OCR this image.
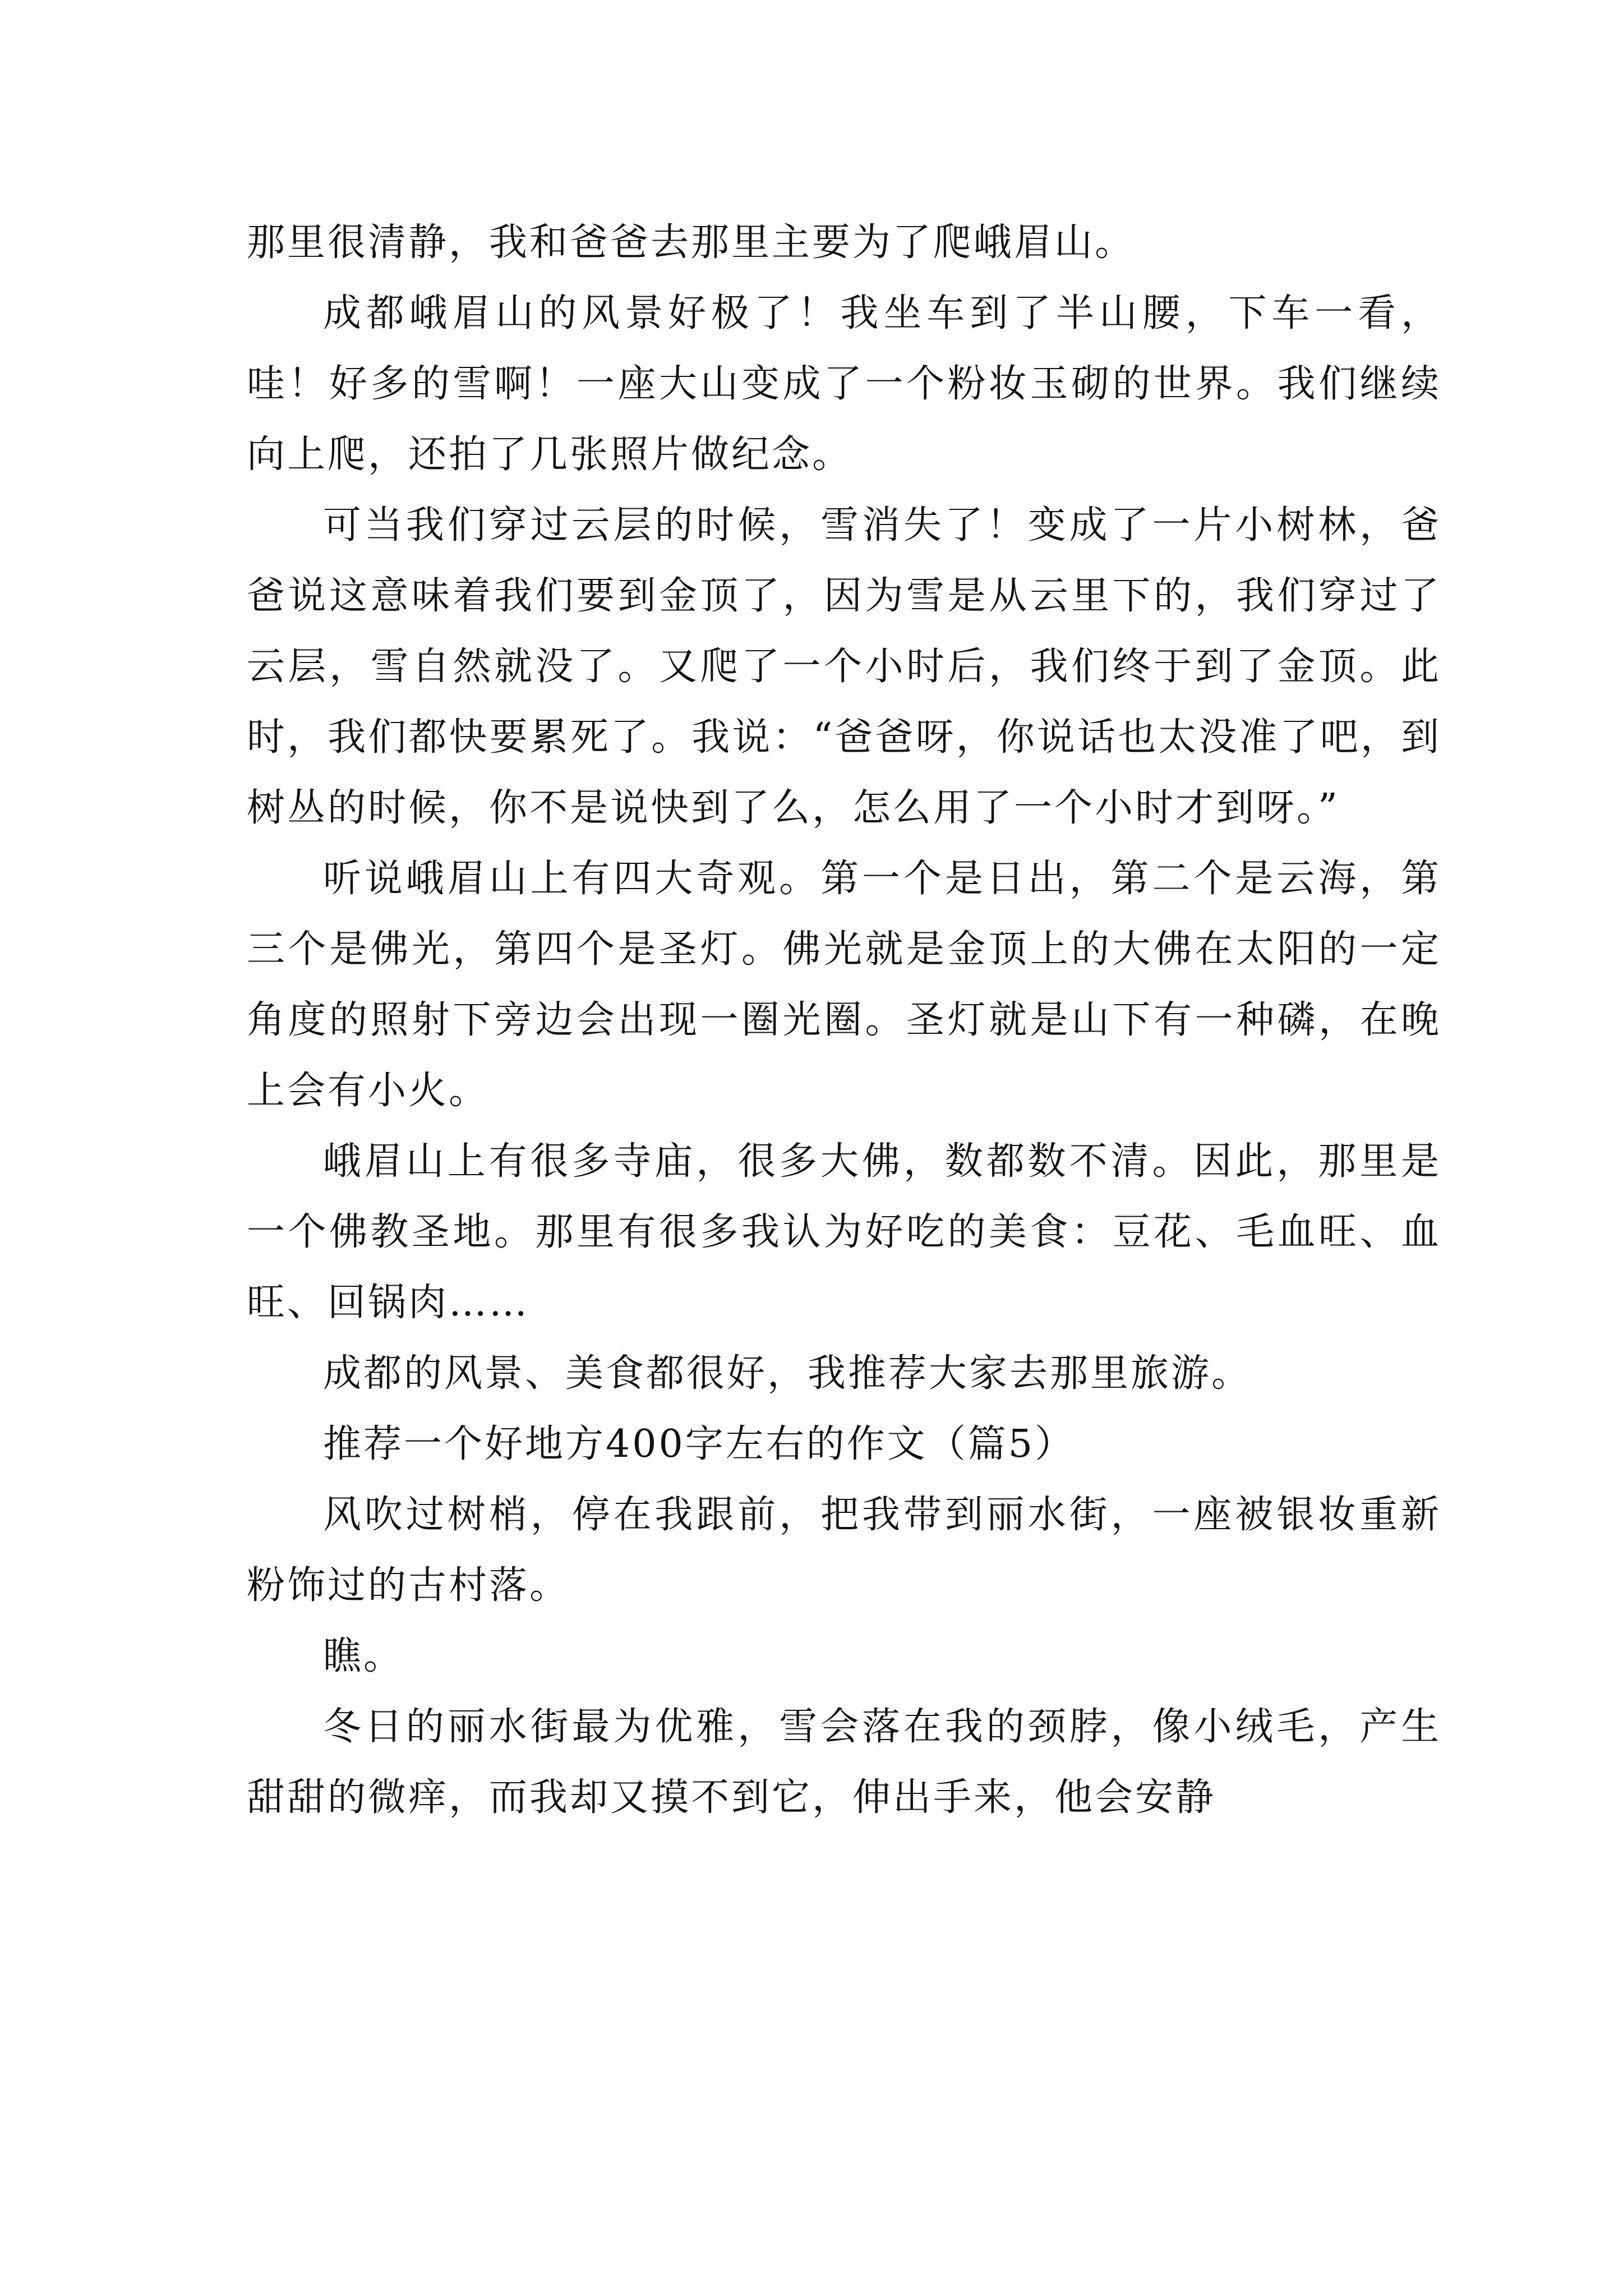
那里很清静，我和爸爸去那里主要为了爬峨眉山。

成都峨眉山的风景好极了！我坐车到了半山腰，下车一看，哇！好多的雪啊！一座大山变成了一个粉妆玉砌的世界。我们继续向上爬，还拍了几张照片做纪念。

可当我们穿过云层的时候，雪消失了！变成了一片小树林，爸爸说这意味着我们要到金顶了，因为雪是从云里下的，我们穿过了云层，雪自然就没了。又爬了一个小时后，我们终于到了金顶。此时，我们都快要累死了。我说：“爸爸呀，你说话也太没准了吧，到树丛的时候，你不是说快到了么，怎么用了一个小时才到呀。”

听说峨眉山上有四大奇观。第一个是日出，第二个是云海，第三个是佛光，第四个是圣灯。佛光就是金顶上的大佛在太阳的一定角度的照射下旁边会出现一圈光圈。圣灯就是山下有一种磷，在晚上会有小火。

峨眉山上有很多寺庙，很多大佛，数都数不清。因此，那里是一个佛教圣地。那里有很多我认为好吃的美食：豆花、毛血旺、血旺、回锅肉……

成都的风景、美食都很好，我推荐大家去那里旅游。

推荐一个好地方400字左右的作文（篇5）

风吹过树梢，停在我跟前，把我带到丽水街，一座被银妆重新粉饰过的古村落。

瞧。

冬日的丽水街最为优雅，雪会落在我的颈脖，像小绒毛，产生甜甜的微痒，而我却又摸不到它，伸出手来，他会安静
